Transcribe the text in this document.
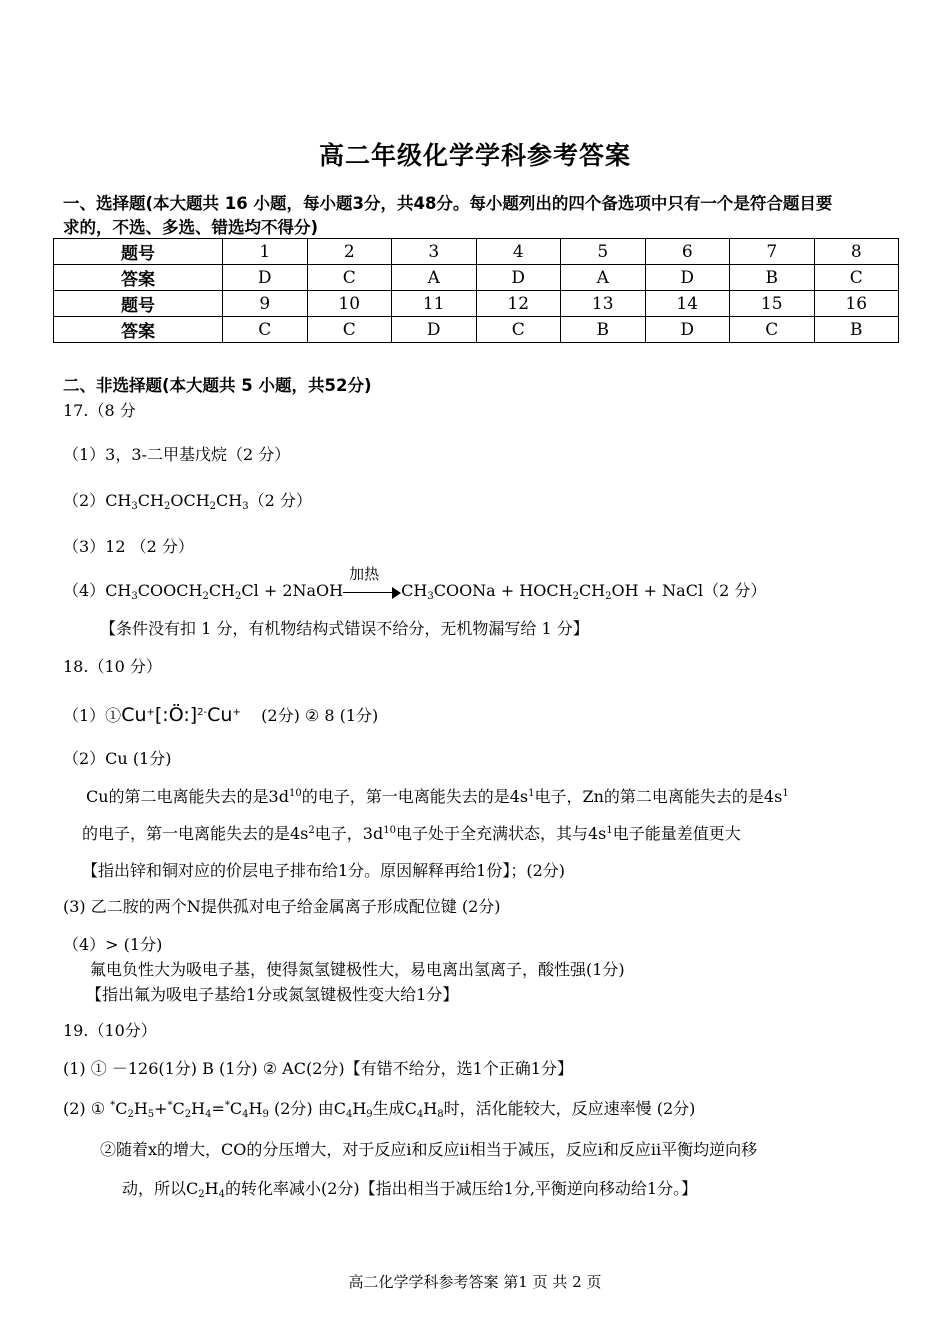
高二年级化学学科参考答案
一、选择题(本大题共 16 小题，每小题3分，共48分。每小题列出的四个备选项中只有一个是符合题目要
求的，不选、多选、错选均不得分)
题号	1	2	3	4	5	6	7	8
答案	D	C	A	D	A	D	B	C
题号	9	10	11	12	13	14	15	16
答案	C	C	D	C	B	D	C	B
二、非选择题(本大题共 5 小题，共52分)
17.（8 分
（1）3，3-二甲基戊烷（2 分）
$(2)CH_3CH_2OCH_2CH_3(2$ 分）
（3）12 （2 分）
$(4)CH_3COOCH_2CH_2Cl$ + 2NaOH
加热
$CH_3COONa$ + $HOCH_2CH_2OH$ + NaCl（2 分）
【条件没有扣 1 分，有机物结构式错误不给分，无机物漏写给 1 分】
18.（10 分）
（1）①Cu+[:Ö:]$^{2-}$Cu+ (2分) ② 8 (1分)
（2）Cu (1分)
Cu的第二电离能失去的是$3d^{10}$的电子，第一电离能失去的是$4s^1$电子，Zn的第二电离能失去的是$4s^1$
的电子，第一电离能失去的是$4s^2$电子，$3d^{10}$电子处于全充满状态，其与$4s^1$电子能量差值更大
【指出锌和铜对应的价层电子排布给1分。原因解释再给1份】；(2分)
(3) 乙二胺的两个N提供孤对电子给金属离子形成配位键 (2分)
（4）> (1分)
氟电负性大为吸电子基，使得氮氢键极性大，易电离出氢离子，酸性强(1分)
【指出氟为吸电子基给1分或氮氢键极性变大给1分】
19.（10分）
(1) ① －126(1分) B (1分) ② AC(2分)【有错不给分，选1个正确1分】
(2) ① $^*C_2H_5+^*C_2H_4=^*C_4H_9$ (2分) 由$C_4H_9$生成$C_4H_8$时，活化能较大，反应速率慢 (2分)
②随着x的增大，CO的分压增大，对于反应i和反应ii相当于减压，反应i和反应ii平衡均逆向移
动，所以$C_2H_4$的转化率减小(2分)【指出相当于减压给1分,平衡逆向移动给1分。】
高二化学学科参考答案 第1 页 共 2 页
